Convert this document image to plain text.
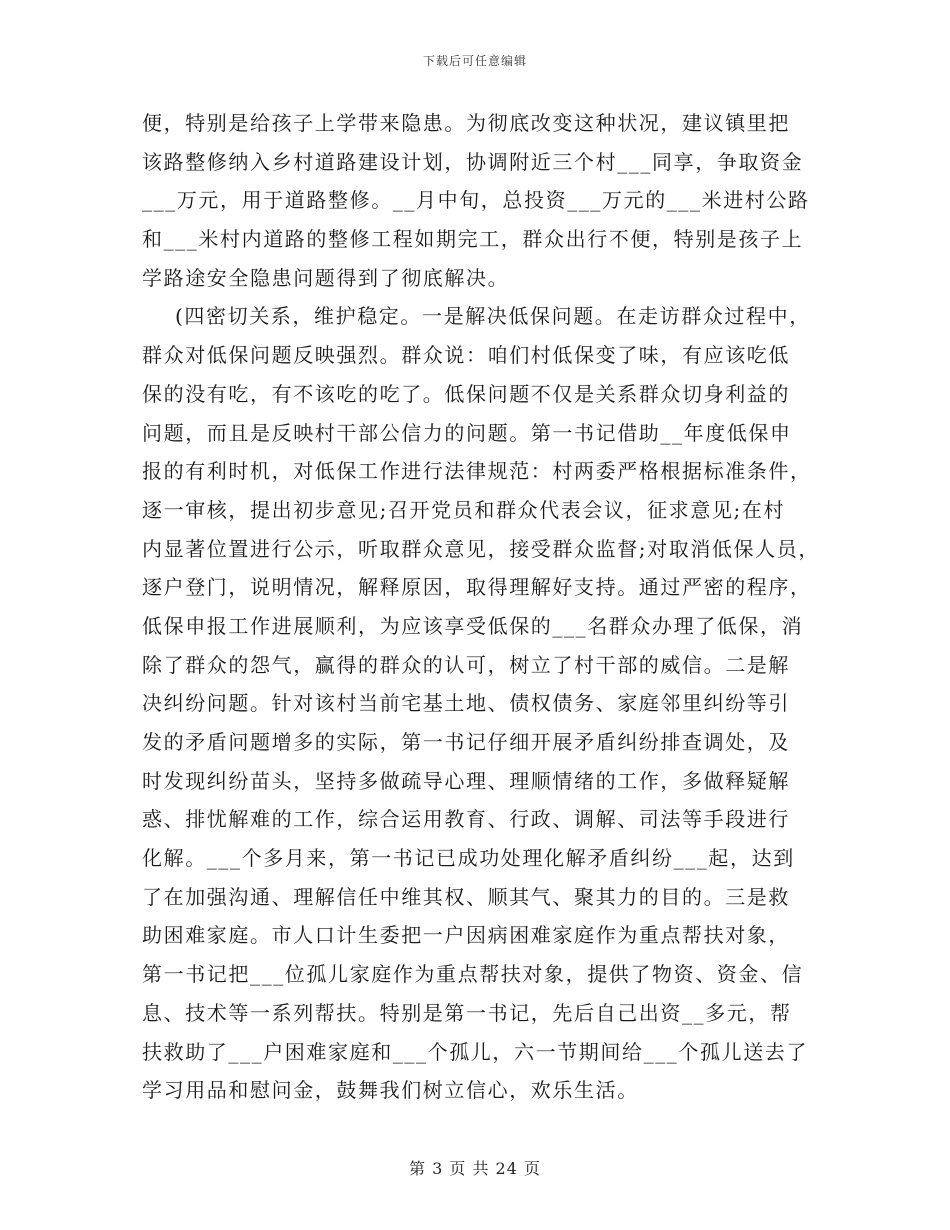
下载后可任意编辑
便，特别是给孩子上学带来隐患。为彻底改变这种状况，建议镇里把
该路整修纳入乡村道路建设计划，协调附近三个村___同享，争取资金
___万元，用于道路整修。__月中旬，总投资___万元的___米进村公路
和___米村内道路的整修工程如期完工，群众出行不便，特别是孩子上
学路途安全隐患问题得到了彻底解决。
(四密切关系，维护稳定。一是解决低保问题。在走访群众过程中，
群众对低保问题反映强烈。群众说：咱们村低保变了味，有应该吃低
保的没有吃，有不该吃的吃了。低保问题不仅是关系群众切身利益的
问题，而且是反映村干部公信力的问题。第一书记借助__年度低保申
报的有利时机，对低保工作进行法律规范：村两委严格根据标准条件，
逐一审核，提出初步意见;召开党员和群众代表会议，征求意见;在村
内显著位置进行公示，听取群众意见，接受群众监督;对取消低保人员，
逐户登门，说明情况，解释原因，取得理解好支持。通过严密的程序，
低保申报工作进展顺利，为应该享受低保的___名群众办理了低保，消
除了群众的怨气，赢得的群众的认可，树立了村干部的威信。二是解
决纠纷问题。针对该村当前宅基土地、债权债务、家庭邻里纠纷等引
发的矛盾问题增多的实际，第一书记仔细开展矛盾纠纷排查调处，及
时发现纠纷苗头，坚持多做疏导心理、理顺情绪的工作，多做释疑解
惑、排忧解难的工作，综合运用教育、行政、调解、司法等手段进行
化解。___个多月来，第一书记已成功处理化解矛盾纠纷___起，达到
了在加强沟通、理解信任中维其权、顺其气、聚其力的目的。三是救
助困难家庭。市人口计生委把一户因病困难家庭作为重点帮扶对象，
第一书记把___位孤儿家庭作为重点帮扶对象，提供了物资、资金、信
息、技术等一系列帮扶。特别是第一书记，先后自己出资__多元，帮
扶救助了___户困难家庭和___个孤儿，六一节期间给___个孤儿送去了
学习用品和慰问金，鼓舞我们树立信心，欢乐生活。
第 3 页 共 24 页
